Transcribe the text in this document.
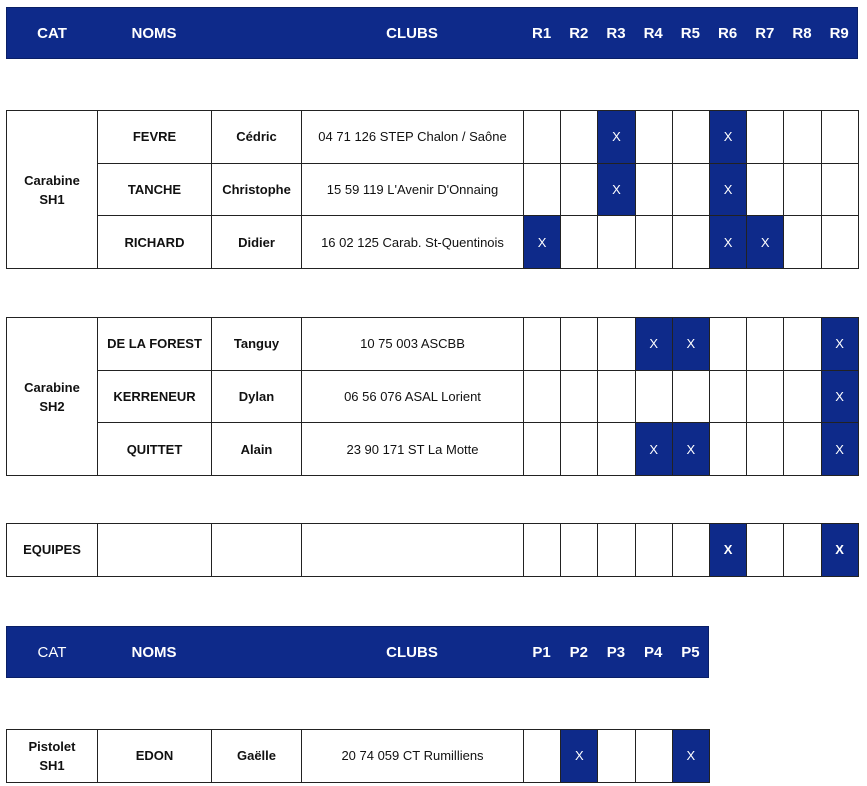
CAT	NOMS	CLUBS	R1	R2	R3	R4	R5	R6	R7	R8	R9
Carabine
SH1	FEVRE	Cédric	04 71 126 STEP Chalon / Saône			X			X			
	TANCHE	Christophe	15 59 119 L'Avenir D'Onnaing			X			X			
	RICHARD	Didier	16 02 125 Carab. St-Quentinois	X					X	X		
Carabine
SH2	DE LA FOREST	Tanguy	10 75 003 ASCBB				X	X				X
	KERRENEUR	Dylan	06 56 076 ASAL Lorient									X
	QUITTET	Alain	23 90 171 ST La Motte				X	X				X
EQUIPES									X			X
CAT	NOMS	CLUBS	P1	P2	P3	P4	P5
Pistolet
SH1
	EDON	Gaëlle	20 74 059 CT Rumilliens		X			X
